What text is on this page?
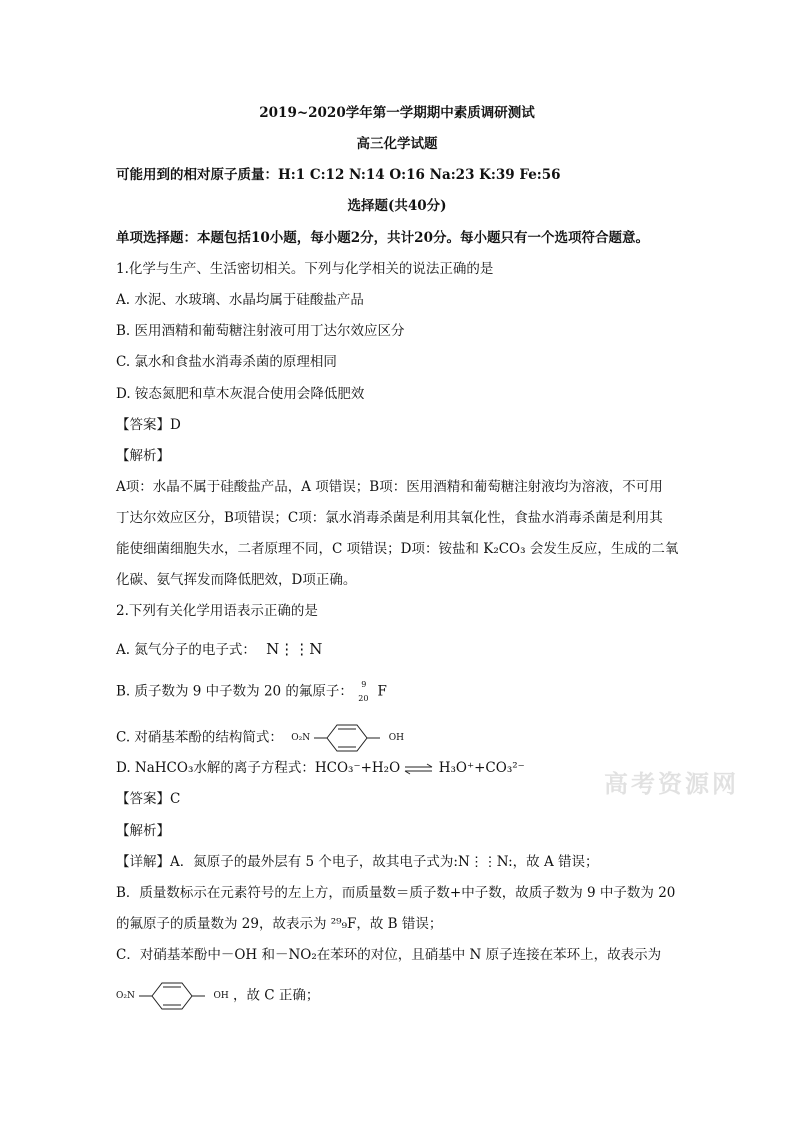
2019~2020学年第一学期期中素质调研测试
高三化学试题
可能用到的相对原子质量：H:1 C:12 N:14 O:16 Na:23 K:39 Fe:56
选择题(共40分)
单项选择题：本题包括10小题，每小题2分，共计20分。每小题只有一个选项符合题意。
1.化学与生产、生活密切相关。下列与化学相关的说法正确的是
A. 水泥、水玻璃、水晶均属于硅酸盐产品
B. 医用酒精和葡萄糖注射液可用丁达尔效应区分
C. 氯水和食盐水消毒杀菌的原理相同
D. 铵态氮肥和草木灰混合使用会降低肥效
【答案】D
【解析】
A项：水晶不属于硅酸盐产品，A 项错误；B项：医用酒精和葡萄糖注射液均为溶液，不可用
丁达尔效应区分，B项错误；C项：氯水消毒杀菌是利用其氧化性，食盐水消毒杀菌是利用其
能使细菌细胞失水，二者原理不同，C 项错误；D项：铵盐和 K₂CO₃ 会发生反应，生成的二氧
化碳、氨气挥发而降低肥效，D项正确。
2.下列有关化学用语表示正确的是
A. 氮气分子的电子式： N⋮⋮N
B. 质子数为 9 中子数为 20 的氟原子： 9
20 F
C. 对硝基苯酚的结构简式： O₂N	OH
D. NaHCO₃水解的离子方程式：HCO₃⁻+H₂O ⇌ H₃O⁺+CO₃²⁻
【答案】C
【解析】
【详解】A．氮原子的最外层有 5 个电子，故其电子式为:N⋮⋮N:，故 A 错误；
B．质量数标示在元素符号的左上方，而质量数＝质子数+中子数，故质子数为 9 中子数为 20
的氟原子的质量数为 29，故表示为 ²⁹₉F，故 B 错误；
C．对硝基苯酚中－OH 和－NO₂在苯环的对位，且硝基中 N 原子连接在苯环上，故表示为
O₂N	OH ，故 C 正确；
高考资源网
